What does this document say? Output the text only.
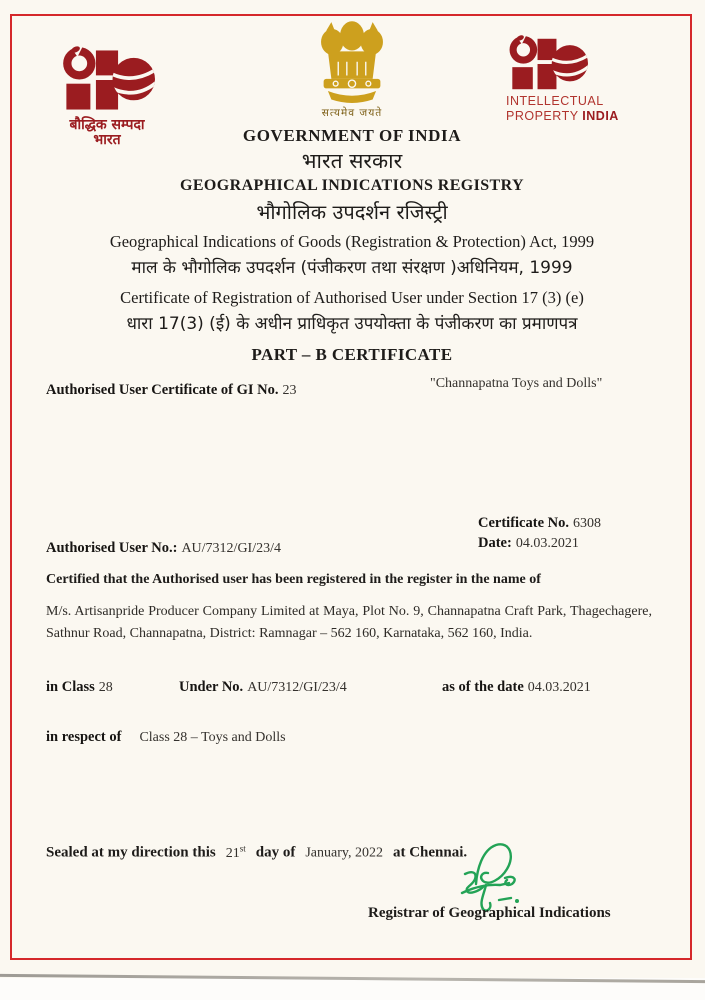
बौद्धिक सम्पदा
भारत
सत्यमेव जयते
INTELLECTUAL
PROPERTY INDIA
GOVERNMENT OF INDIA
भारत सरकार
GEOGRAPHICAL INDICATIONS REGISTRY
भौगोलिक उपदर्शन रजिस्ट्री
Geographical Indications of Goods (Registration & Protection) Act, 1999
माल के भौगोलिक उपदर्शन (पंजीकरण तथा संरक्षण )अधिनियम, 1999
Certificate of Registration of Authorised User under Section 17 (3) (e)
धारा 17(3) (ई) के अधीन प्राधिकृत उपयोक्ता के पंजीकरण का प्रमाणपत्र
PART – B CERTIFICATE
Authorised User Certificate of GI No. 23	"Channapatna Toys and Dolls"
Certificate No. 6308
Date: 04.03.2021
Authorised User No.: AU/7312/GI/23/4
Certified that the Authorised user has been registered in the register in the name of

M/s. Artisanpride Producer Company Limited at Maya, Plot No. 9, Channapatna Craft Park, Thagechagere, Sathnur Road, Channapatna, District: Ramnagar – 562 160, Karnataka, 562 160, India.

in Class 28	Under No. AU/7312/GI/23/4	as of the date 04.03.2021
in respect of Class 28 – Toys and Dolls
Sealed at my direction this 21st day of January, 2022 at Chennai.
Registrar of Geographical Indications
